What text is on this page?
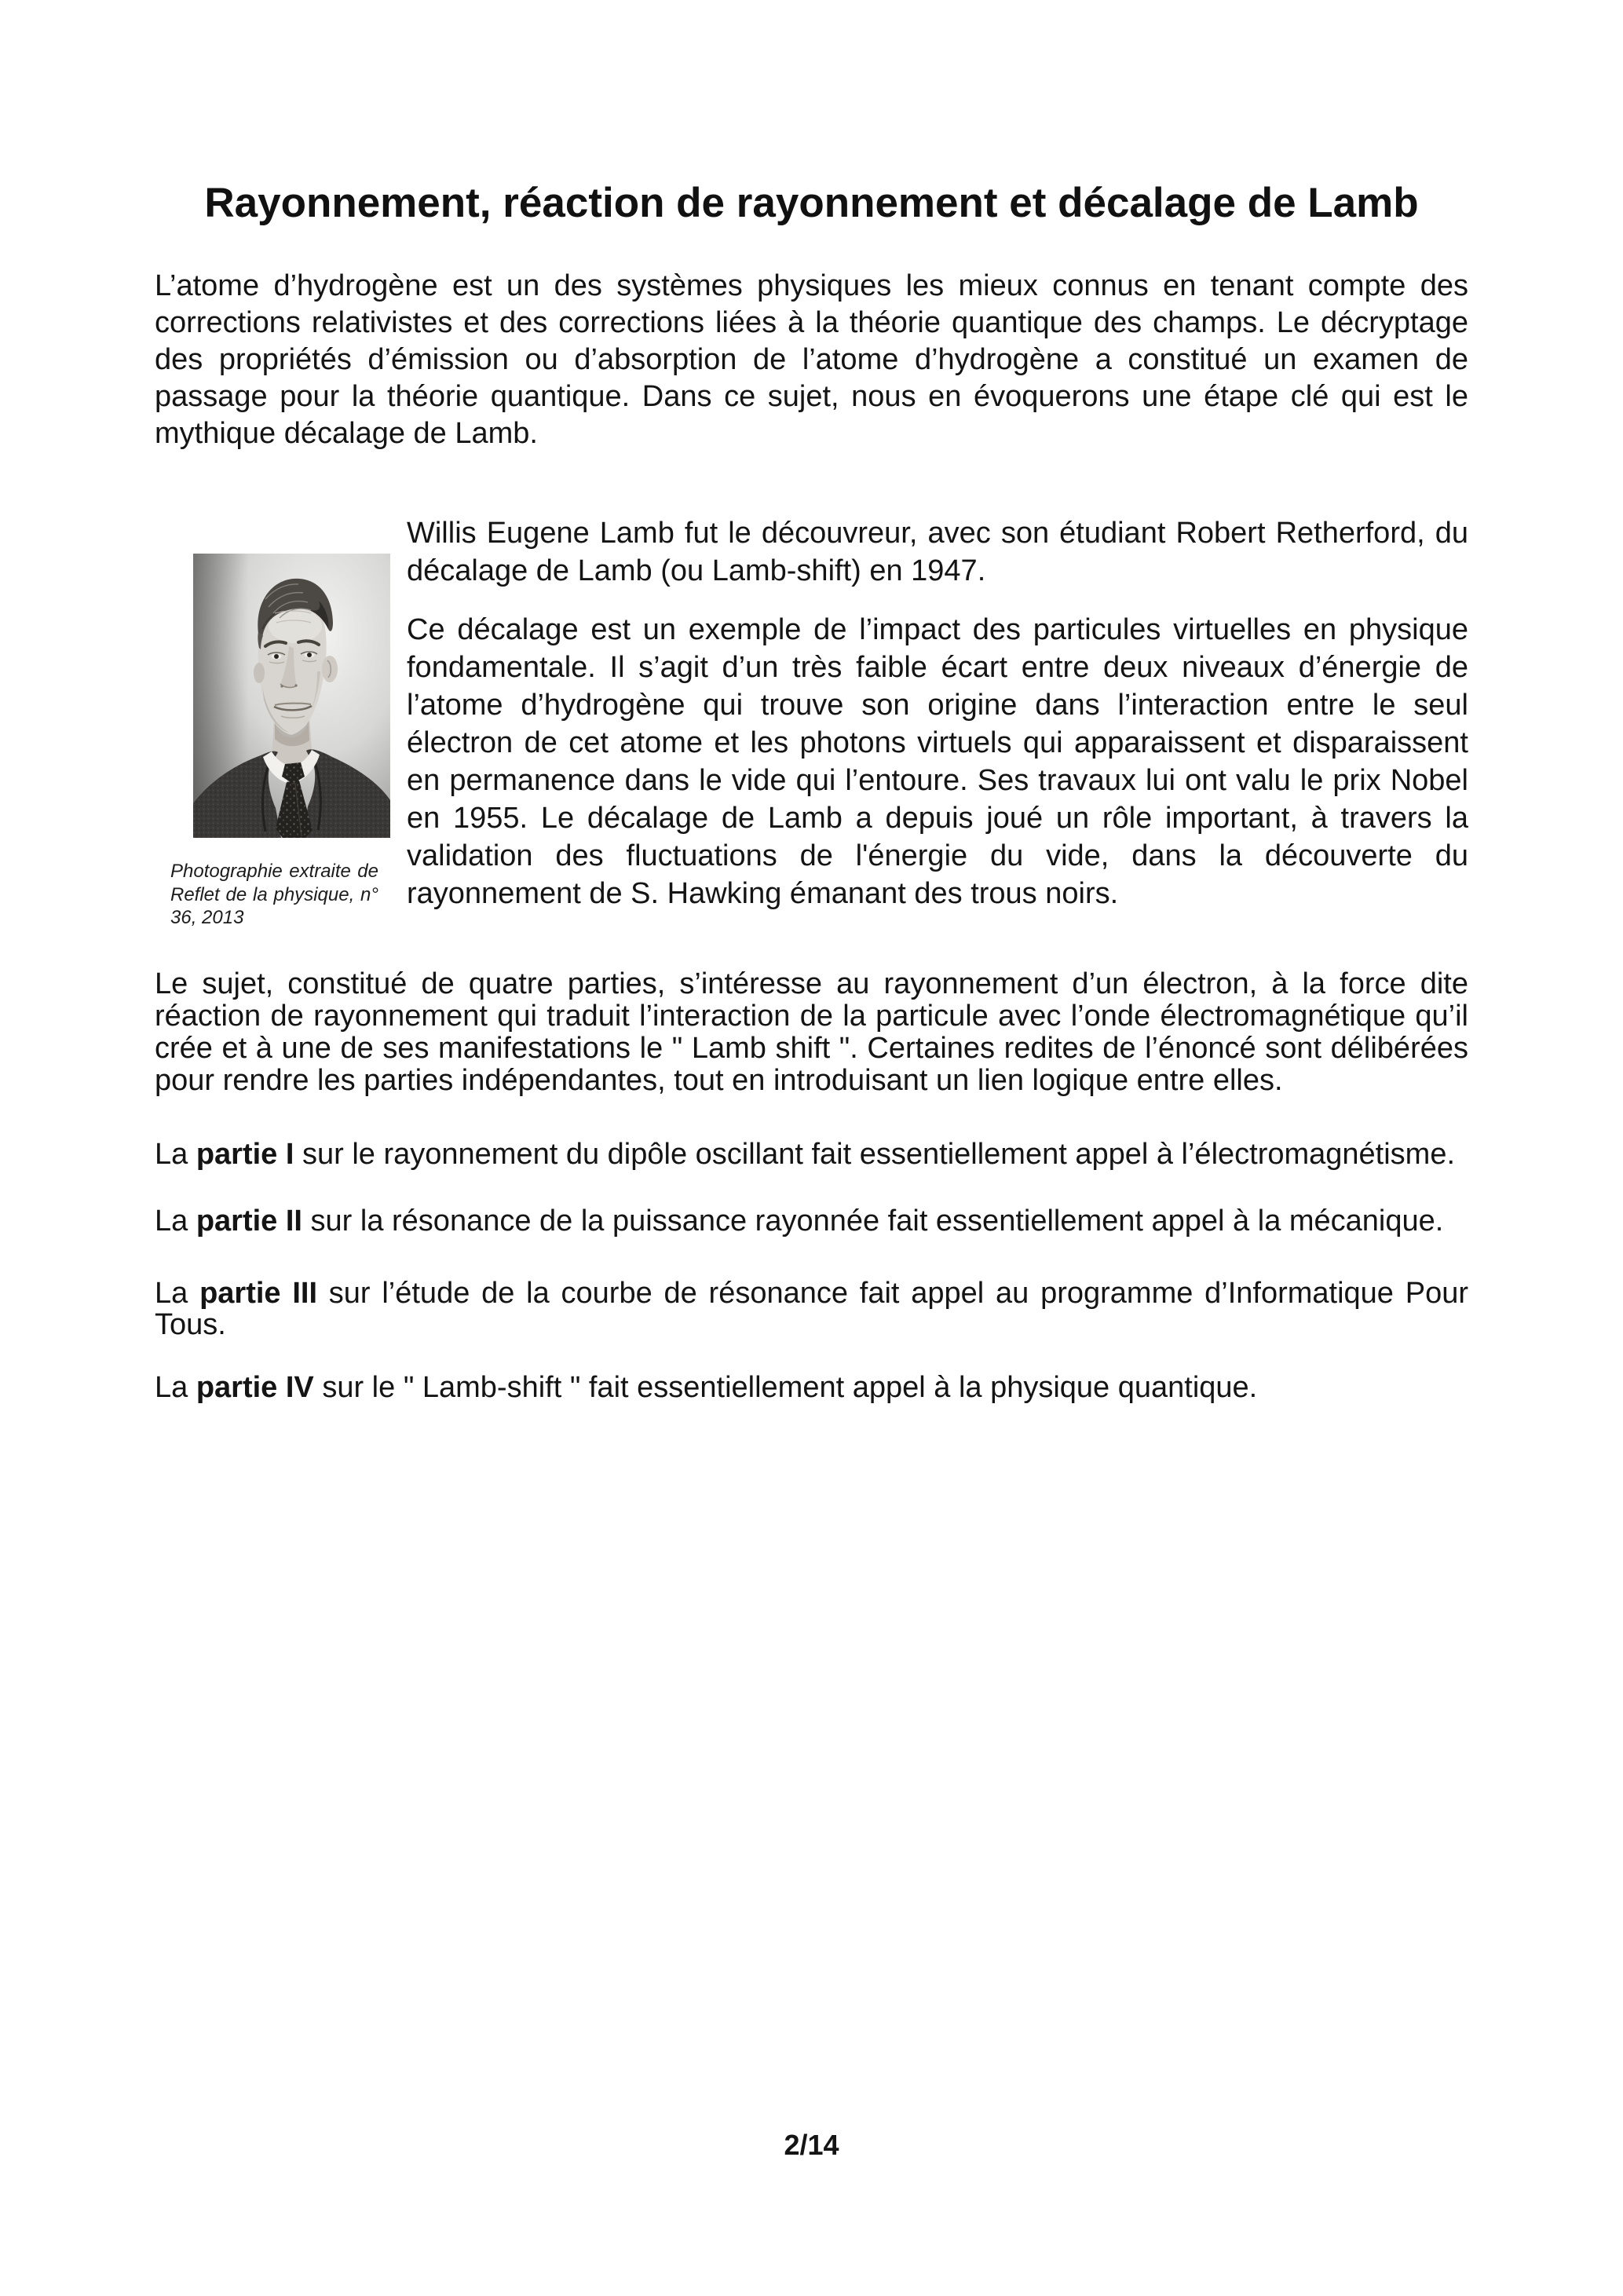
Rayonnement, réaction de rayonnement et décalage de Lamb

L’atome d’hydrogène est un des systèmes physiques les mieux connus en tenant compte des corrections relativistes et des corrections liées à la théorie quantique des champs. Le décryptage des propriétés d’émission ou d’absorption de l’atome d’hydrogène a constitué un examen de passage pour la théorie quantique. Dans ce sujet, nous en évoquerons une étape clé qui est le mythique décalage de Lamb.

Photographie extraite de Reflet de la physique, n° 36, 2013

Willis Eugene Lamb fut le découvreur, avec son étudiant Robert Retherford, du décalage de Lamb (ou Lamb-shift) en 1947.

Ce décalage est un exemple de l’impact des particules virtuelles en physique fondamentale. Il s’agit d’un très faible écart entre deux niveaux d’énergie de l’atome d’hydrogène qui trouve son origine dans l’interaction entre le seul électron de cet atome et les photons virtuels qui apparaissent et disparaissent en permanence dans le vide qui l’entoure. Ses travaux lui ont valu le prix Nobel en 1955. Le décalage de Lamb a depuis joué un rôle important, à travers la validation des fluctuations de l'énergie du vide, dans la découverte du rayonnement de S. Hawking émanant des trous noirs.

Le sujet, constitué de quatre parties, s’intéresse au rayonnement d’un électron, à la force dite réaction de rayonnement qui traduit l’interaction de la particule avec l’onde électromagnétique qu’il crée et à une de ses manifestations le " Lamb shift ". Certaines redites de l’énoncé sont délibérées pour rendre les parties indépendantes, tout en introduisant un lien logique entre elles.

La partie I sur le rayonnement du dipôle oscillant fait essentiellement appel à l’électromagnétisme.

La partie II sur la résonance de la puissance rayonnée fait essentiellement appel à la mécanique.

La partie III sur l’étude de la courbe de résonance fait appel au programme d’Informatique Pour Tous.

La partie IV sur le " Lamb-shift " fait essentiellement appel à la physique quantique.

2/14
